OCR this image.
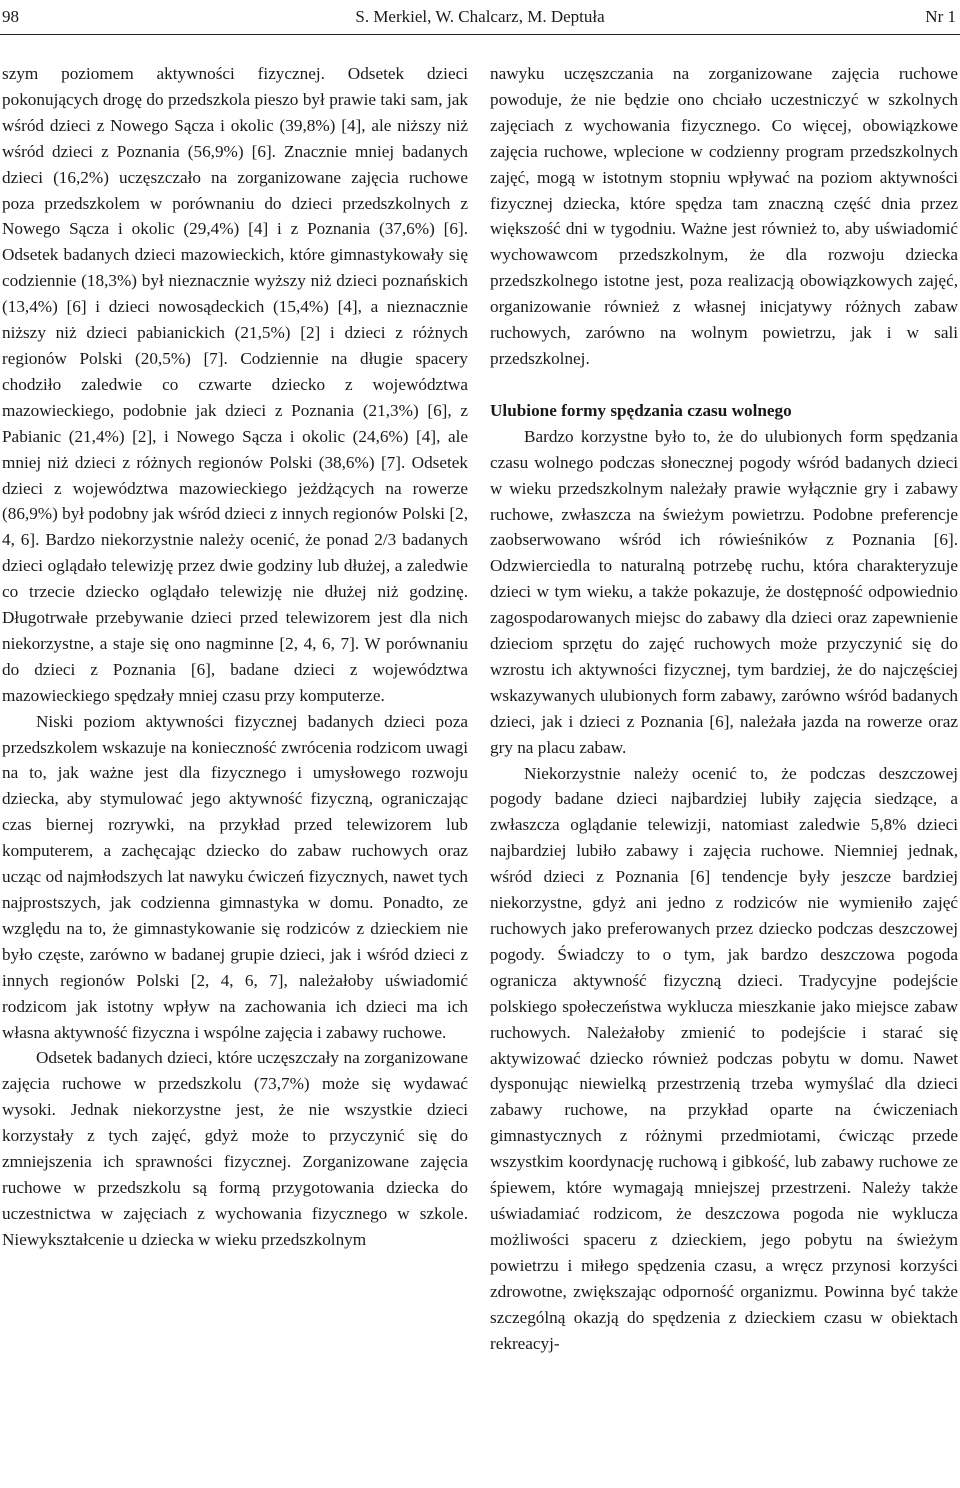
98	S. Merkiel, W. Chalcarz, M. Deptuła	Nr 1

szym poziomem aktywności fizycznej. Odsetek dzieci pokonujących drogę do przedszkola pieszo był prawie taki sam, jak wśród dzieci z Nowego Sącza i okolic (39,8%) [4], ale niższy niż wśród dzieci z Poznania (56,9%) [6]. Znacznie mniej badanych dzieci (16,2%) uczęszczało na zorganizowane zajęcia ruchowe poza przedszkolem w porównaniu do dzieci przedszkolnych z Nowego Sącza i okolic (29,4%) [4] i z Poznania (37,6%) [6]. Odsetek badanych dzieci mazowieckich, które gimnastykowały się codziennie (18,3%) był nieznacznie wyższy niż dzieci poznańskich (13,4%) [6] i dzieci nowosądeckich (15,4%) [4], a nieznacznie niższy niż dzieci pabianickich (21,5%) [2] i dzieci z różnych regionów Polski (20,5%) [7]. Codziennie na długie spacery chodziło zaledwie co czwarte dziecko z województwa mazowieckiego, podobnie jak dzieci z Poznania (21,3%) [6], z Pabianic (21,4%) [2], i Nowego Sącza i okolic (24,6%) [4], ale mniej niż dzieci z różnych regionów Polski (38,6%) [7]. Odsetek dzieci z województwa mazowieckiego jeżdżących na rowerze (86,9%) był podobny jak wśród dzieci z innych regionów Polski [2, 4, 6]. Bardzo niekorzystnie należy ocenić, że ponad 2/3 badanych dzieci oglądało telewizję przez dwie godziny lub dłużej, a zaledwie co trzecie dziecko oglądało telewizję nie dłużej niż godzinę. Długotrwałe przebywanie dzieci przed telewizorem jest dla nich niekorzystne, a staje się ono nagminne [2, 4, 6, 7]. W porównaniu do dzieci z Poznania [6], badane dzieci z województwa mazowieckiego spędzały mniej czasu przy komputerze.

Niski poziom aktywności fizycznej badanych dzieci poza przedszkolem wskazuje na konieczność zwrócenia rodzicom uwagi na to, jak ważne jest dla fizycznego i umysłowego rozwoju dziecka, aby stymulować jego aktywność fizyczną, ograniczając czas biernej rozrywki, na przykład przed telewizorem lub komputerem, a zachęcając dziecko do zabaw ruchowych oraz ucząc od najmłodszych lat nawyku ćwiczeń fizycznych, nawet tych najprostszych, jak codzienna gimnastyka w domu. Ponadto, ze względu na to, że gimnastykowanie się rodziców z dzieckiem nie było częste, zarówno w badanej grupie dzieci, jak i wśród dzieci z innych regionów Polski [2, 4, 6, 7], należałoby uświadomić rodzicom jak istotny wpływ na zachowania ich dzieci ma ich własna aktywność fizyczna i wspólne zajęcia i zabawy ruchowe.

Odsetek badanych dzieci, które uczęszczały na zorganizowane zajęcia ruchowe w przedszkolu (73,7%) może się wydawać wysoki. Jednak niekorzystne jest, że nie wszystkie dzieci korzystały z tych zajęć, gdyż może to przyczynić się do zmniejszenia ich sprawności fizycznej. Zorganizowane zajęcia ruchowe w przedszkolu są formą przygotowania dziecka do uczestnictwa w zajęciach z wychowania fizycznego w szkole. Niewykształcenie u dziecka w wieku przedszkolnym

nawyku uczęszczania na zorganizowane zajęcia ruchowe powoduje, że nie będzie ono chciało uczestniczyć w szkolnych zajęciach z wychowania fizycznego. Co więcej, obowiązkowe zajęcia ruchowe, wplecione w codzienny program przedszkolnych zajęć, mogą w istotnym stopniu wpływać na poziom aktywności fizycznej dziecka, które spędza tam znaczną część dnia przez większość dni w tygodniu. Ważne jest również to, aby uświadomić wychowawcom przedszkolnym, że dla rozwoju dziecka przedszkolnego istotne jest, poza realizacją obowiązkowych zajęć, organizowanie również z własnej inicjatywy różnych zabaw ruchowych, zarówno na wolnym powietrzu, jak i w sali przedszkolnej.

Ulubione formy spędzania czasu wolnego

Bardzo korzystne było to, że do ulubionych form spędzania czasu wolnego podczas słonecznej pogody wśród badanych dzieci w wieku przedszkolnym należały prawie wyłącznie gry i zabawy ruchowe, zwłaszcza na świeżym powietrzu. Podobne preferencje zaobserwowano wśród ich rówieśników z Poznania [6]. Odzwierciedla to naturalną potrzebę ruchu, która charakteryzuje dzieci w tym wieku, a także pokazuje, że dostępność odpowiednio zagospodarowanych miejsc do zabawy dla dzieci oraz zapewnienie dzieciom sprzętu do zajęć ruchowych może przyczynić się do wzrostu ich aktywności fizycznej, tym bardziej, że do najczęściej wskazywanych ulubionych form zabawy, zarówno wśród badanych dzieci, jak i dzieci z Poznania [6], należała jazda na rowerze oraz gry na placu zabaw.

Niekorzystnie należy ocenić to, że podczas deszczowej pogody badane dzieci najbardziej lubiły zajęcia siedzące, a zwłaszcza oglądanie telewizji, natomiast zaledwie 5,8% dzieci najbardziej lubiło zabawy i zajęcia ruchowe. Niemniej jednak, wśród dzieci z Poznania [6] tendencje były jeszcze bardziej niekorzystne, gdyż ani jedno z rodziców nie wymieniło zajęć ruchowych jako preferowanych przez dziecko podczas deszczowej pogody. Świadczy to o tym, jak bardzo deszczowa pogoda ogranicza aktywność fizyczną dzieci. Tradycyjne podejście polskiego społeczeństwa wyklucza mieszkanie jako miejsce zabaw ruchowych. Należałoby zmienić to podejście i starać się aktywizować dziecko również podczas pobytu w domu. Nawet dysponując niewielką przestrzenią trzeba wymyślać dla dzieci zabawy ruchowe, na przykład oparte na ćwiczeniach gimnastycznych z różnymi przedmiotami, ćwicząc przede wszystkim koordynację ruchową i gibkość, lub zabawy ruchowe ze śpiewem, które wymagają mniejszej przestrzeni. Należy także uświadamiać rodzicom, że deszczowa pogoda nie wyklucza możliwości spaceru z dzieckiem, jego pobytu na świeżym powietrzu i miłego spędzenia czasu, a wręcz przynosi korzyści zdrowotne, zwiększając odporność organizmu. Powinna być także szczególną okazją do spędzenia z dzieckiem czasu w obiektach rekreacyj-
